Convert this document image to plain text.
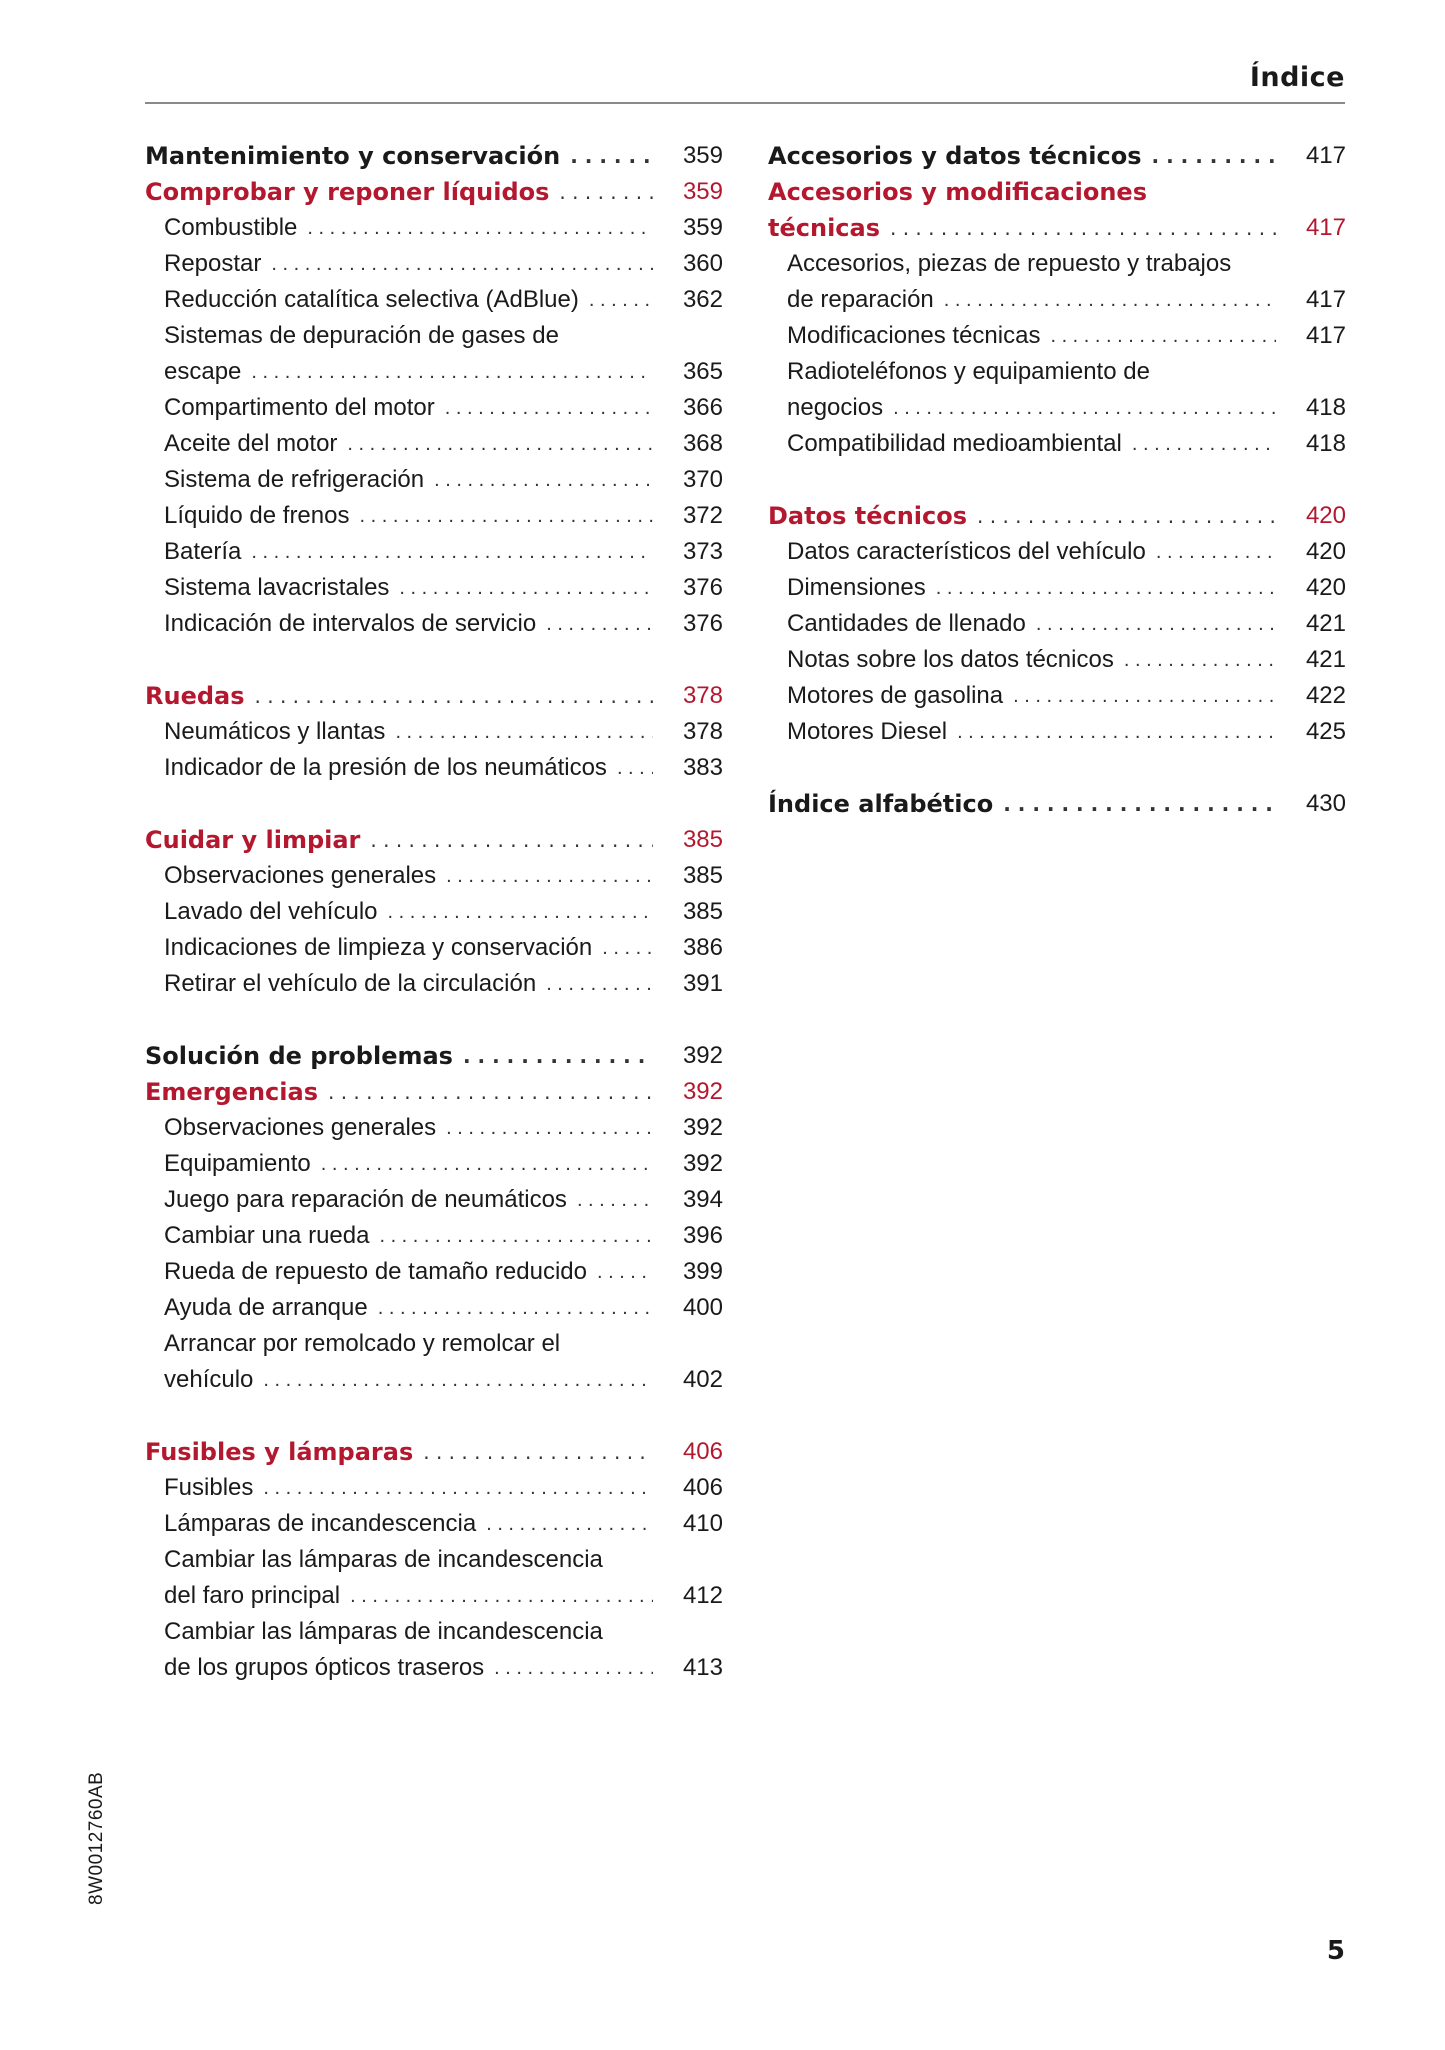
Índice
Mantenimiento y conservación . . .	359
Comprobar y reponer líquidos . . .	359
Combustible . . .	359
Repostar . . .	360
Reducción catalítica selectiva (AdBlue) . . .	362
Sistemas de depuración de gases de
escape . . .	365
Compartimento del motor . . .	366
Aceite del motor . . .	368
Sistema de refrigeración . . .	370
Líquido de frenos . . .	372
Batería . . .	373
Sistema lavacristales . . .	376
Indicación de intervalos de servicio . . .	376
Ruedas . . .	378
Neumáticos y llantas . . .	378
Indicador de la presión de los neumáticos . . .	383
Cuidar y limpiar . . .	385
Observaciones generales . . .	385
Lavado del vehículo . . .	385
Indicaciones de limpieza y conservación . . .	386
Retirar el vehículo de la circulación . . .	391
Solución de problemas . . .	392
Emergencias . . .	392
Observaciones generales . . .	392
Equipamiento . . .	392
Juego para reparación de neumáticos . . .	394
Cambiar una rueda . . .	396
Rueda de repuesto de tamaño reducido . . .	399
Ayuda de arranque . . .	400
Arrancar por remolcado y remolcar el
vehículo . . .	402
Fusibles y lámparas . . .	406
Fusibles . . .	406
Lámparas de incandescencia . . .	410
Cambiar las lámparas de incandescencia
del faro principal . . .	412
Cambiar las lámparas de incandescencia
de los grupos ópticos traseros . . .	413
Accesorios y datos técnicos . . .	417
Accesorios y modificaciones
técnicas . . .	417
Accesorios, piezas de repuesto y trabajos
de reparación . . .	417
Modificaciones técnicas . . .	417
Radioteléfonos y equipamiento de
negocios . . .	418
Compatibilidad medioambiental . . .	418
Datos técnicos . . .	420
Datos característicos del vehículo . . .	420
Dimensiones . . .	420
Cantidades de llenado . . .	421
Notas sobre los datos técnicos . . .	421
Motores de gasolina . . .	422
Motores Diesel . . .	425
Índice alfabético . . .	430
8W0012760AB
5
